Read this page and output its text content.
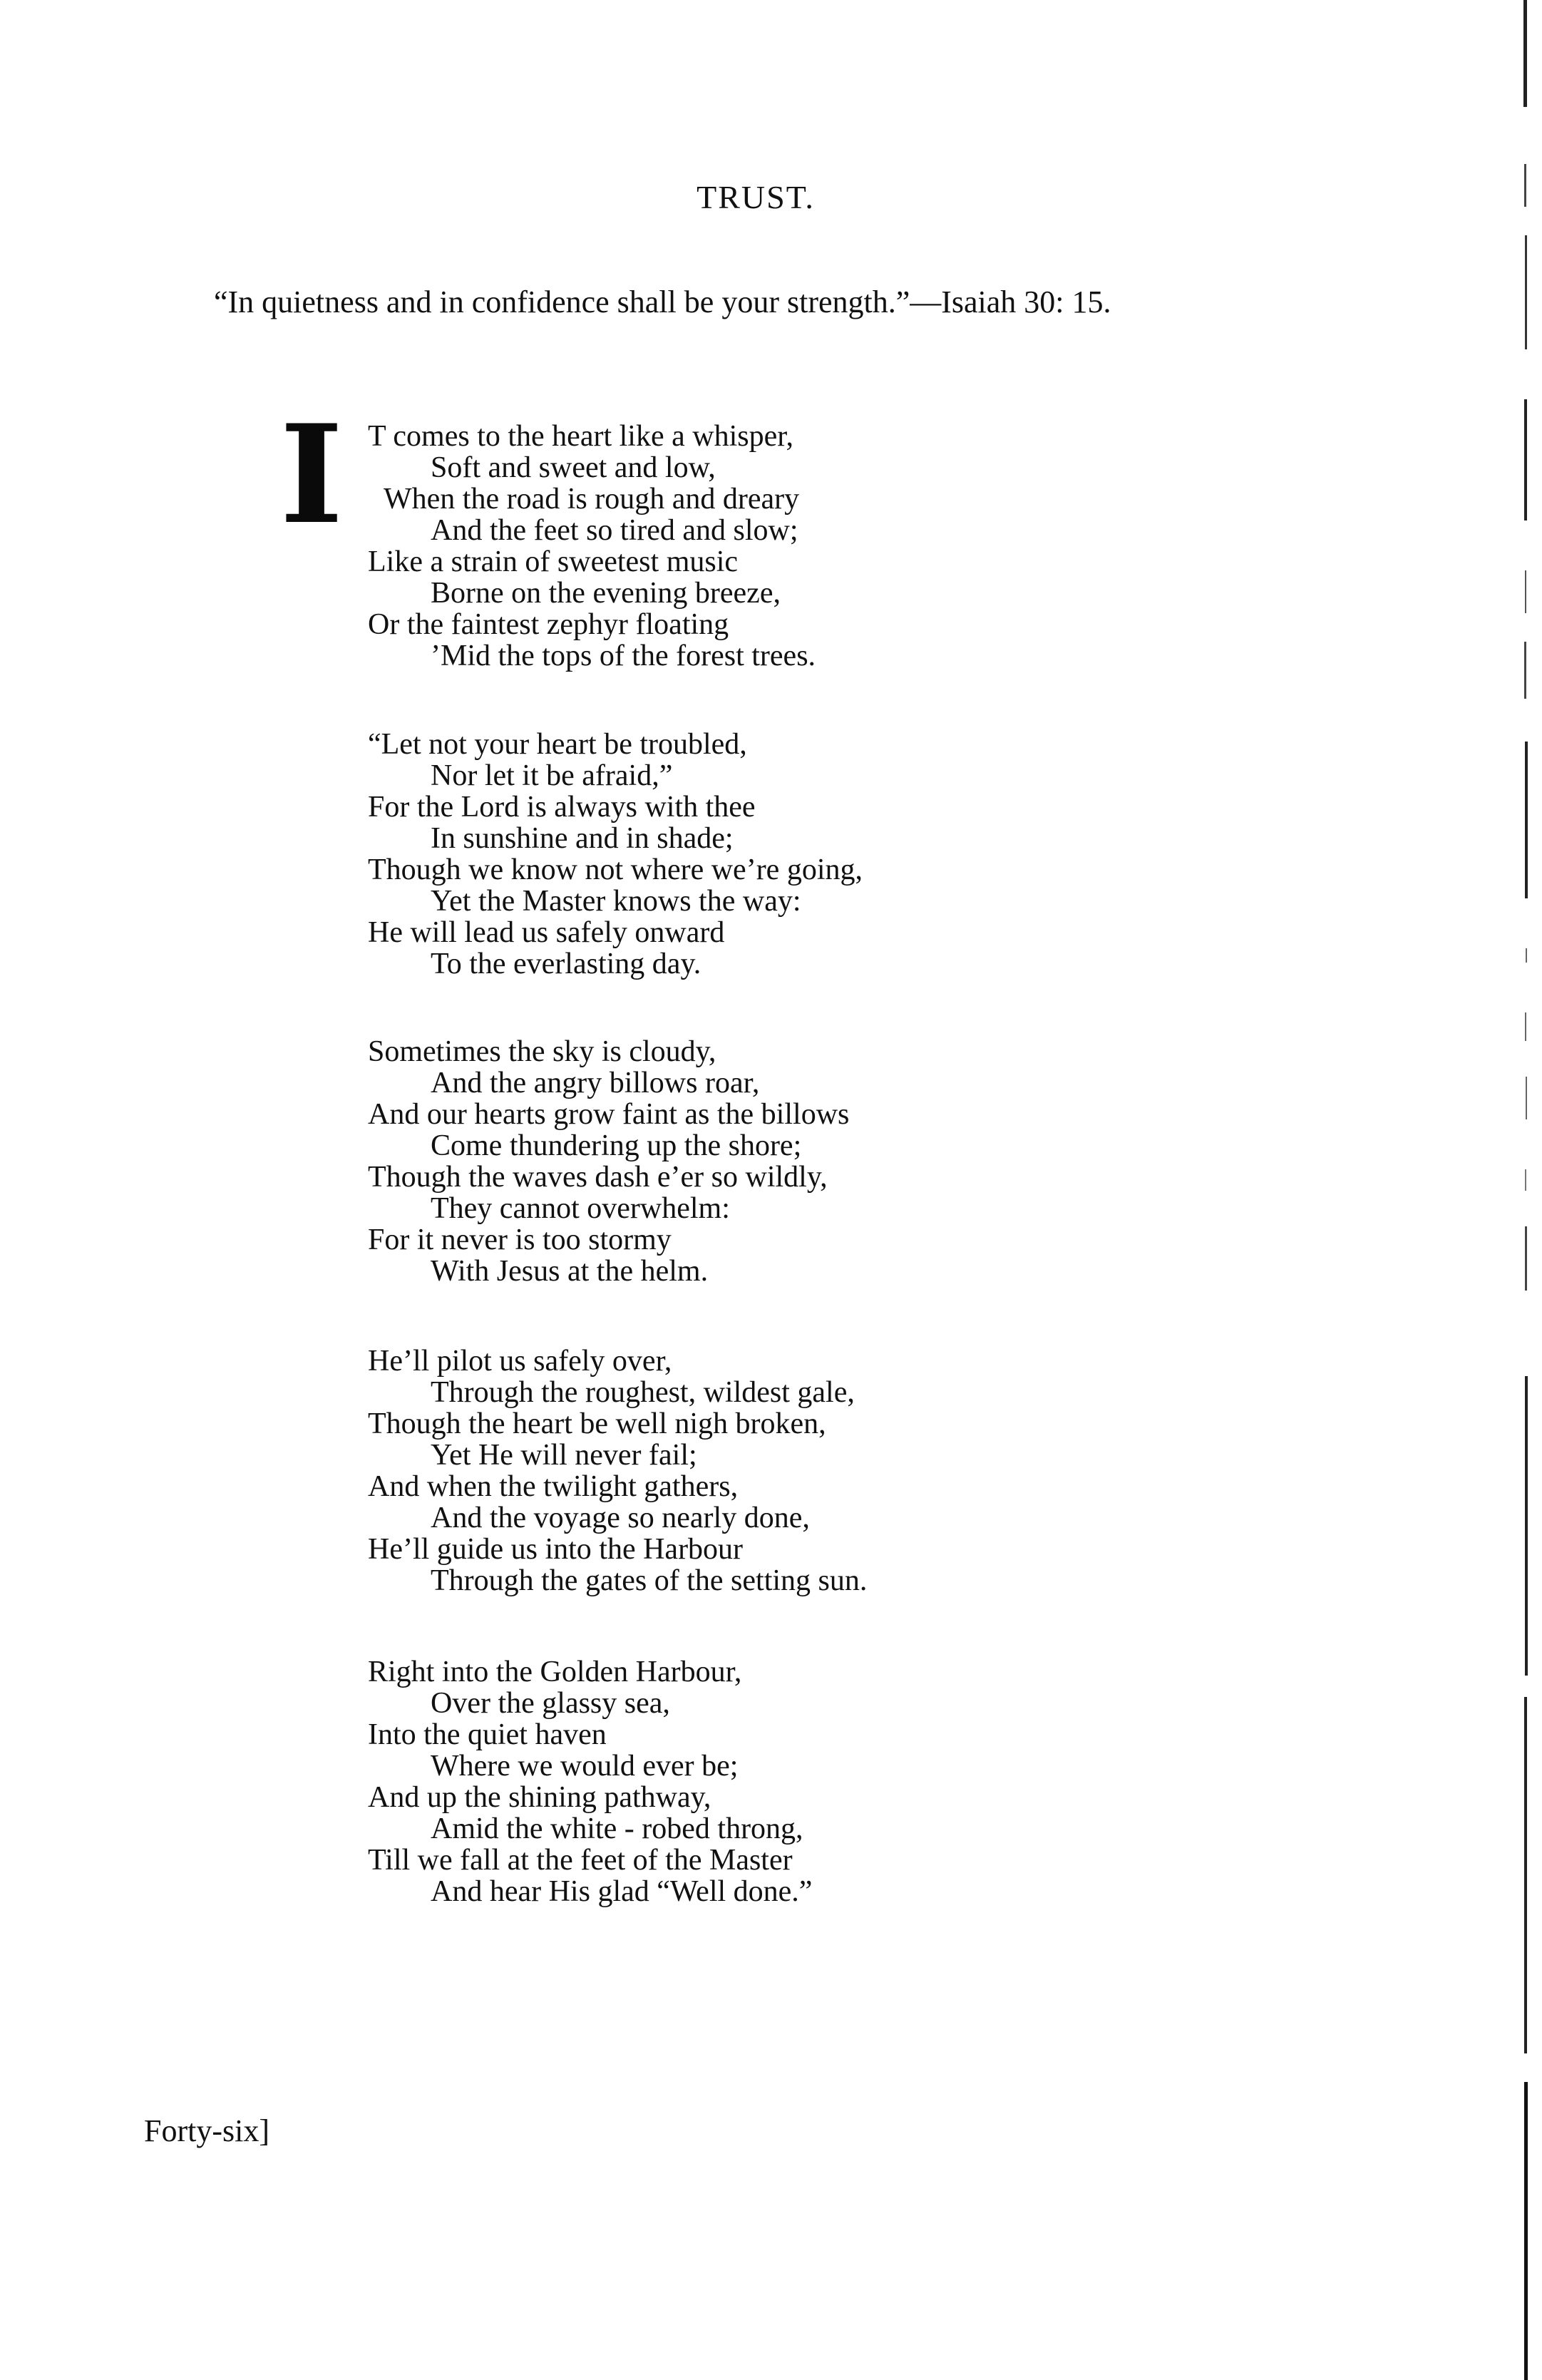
TRUST.
“In quietness and in confidence shall be your strength.”—Isaiah 30: 15.
I T comes to the heart like a whisper,
Soft and sweet and low,
When the road is rough and dreary
And the feet so tired and slow;
Like a strain of sweetest music
Borne on the evening breeze,
Or the faintest zephyr floating
’Mid the tops of the forest trees.
“Let not your heart be troubled,
Nor let it be afraid,”
For the Lord is always with thee
In sunshine and in shade;
Though we know not where we’re going,
Yet the Master knows the way:
He will lead us safely onward
To the everlasting day.
Sometimes the sky is cloudy,
And the angry billows roar,
And our hearts grow faint as the billows
Come thundering up the shore;
Though the waves dash e’er so wildly,
They cannot overwhelm:
For it never is too stormy
With Jesus at the helm.
He’ll pilot us safely over,
Through the roughest, wildest gale,
Though the heart be well nigh broken,
Yet He will never fail;
And when the twilight gathers,
And the voyage so nearly done,
He’ll guide us into the Harbour
Through the gates of the setting sun.
Right into the Golden Harbour,
Over the glassy sea,
Into the quiet haven
Where we would ever be;
And up the shining pathway,
Amid the white - robed throng,
Till we fall at the feet of the Master
And hear His glad “Well done.”
Forty-six]
